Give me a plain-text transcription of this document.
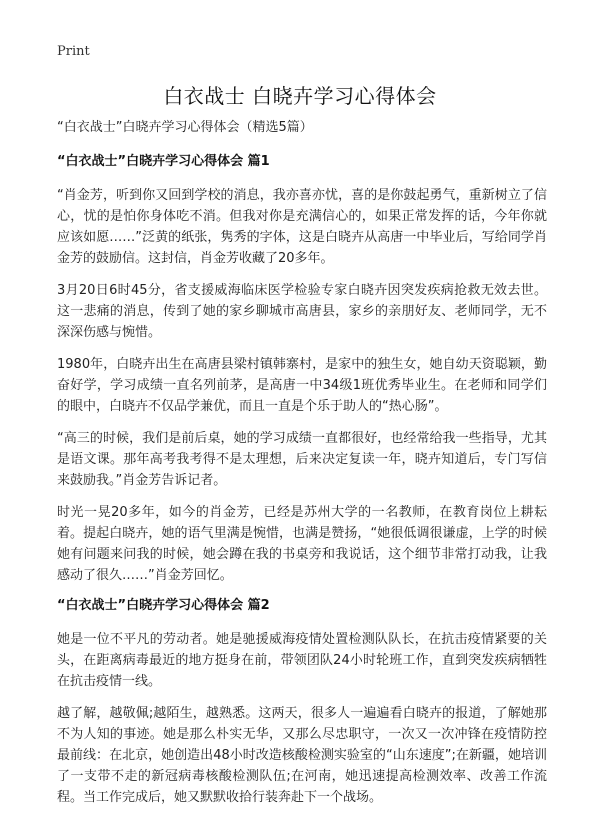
Print
白衣战士 白晓卉学习心得体会

“白衣战士”白晓卉学习心得体会（精选5篇）

“白衣战士”白晓卉学习心得体会 篇1

“肖金芳，听到你又回到学校的消息，我亦喜亦忧，喜的是你鼓起勇气，重新树立了信心，忧的是怕你身体吃不消。但我对你是充满信心的，如果正常发挥的话，今年你就应该如愿……”泛黄的纸张，隽秀的字体，这是白晓卉从高唐一中毕业后，写给同学肖金芳的鼓励信。这封信，肖金芳收藏了20多年。

3月20日6时45分，省支援威海临床医学检验专家白晓卉因突发疾病抢救无效去世。这一悲痛的消息，传到了她的家乡聊城市高唐县，家乡的亲朋好友、老师同学，无不深深伤感与惋惜。

1980年，白晓卉出生在高唐县梁村镇韩寨村，是家中的独生女，她自幼天资聪颖，勤奋好学，学习成绩一直名列前茅，是高唐一中34级1班优秀毕业生。在老师和同学们的眼中，白晓卉不仅品学兼优，而且一直是个乐于助人的“热心肠”。

“高三的时候，我们是前后桌，她的学习成绩一直都很好，也经常给我一些指导，尤其是语文课。那年高考我考得不是太理想，后来决定复读一年，晓卉知道后，专门写信来鼓励我。”肖金芳告诉记者。

时光一晃20多年，如今的肖金芳，已经是苏州大学的一名教师，在教育岗位上耕耘着。提起白晓卉，她的语气里满是惋惜，也满是赞扬，“她很低调很谦虚，上学的时候她有问题来问我的时候，她会蹲在我的书桌旁和我说话，这个细节非常打动我，让我感动了很久……”肖金芳回忆。

“白衣战士”白晓卉学习心得体会 篇2

她是一位不平凡的劳动者。她是驰援威海疫情处置检测队队长，在抗击疫情紧要的关头，在距离病毒最近的地方挺身在前，带领团队24小时轮班工作，直到突发疾病牺牲在抗击疫情一线。

越了解，越敬佩;越陌生，越熟悉。这两天，很多人一遍遍看白晓卉的报道，了解她那不为人知的事迹。她是那么朴实无华，又那么尽忠职守，一次又一次冲锋在疫情防控最前线：在北京，她创造出48小时改造核酸检测实验室的“山东速度”;在新疆，她培训了一支带不走的新冠病毒核酸检测队伍;在河南，她迅速提高检测效率、改善工作流程。当工作完成后，她又默默收拾行装奔赴下一个战场。
